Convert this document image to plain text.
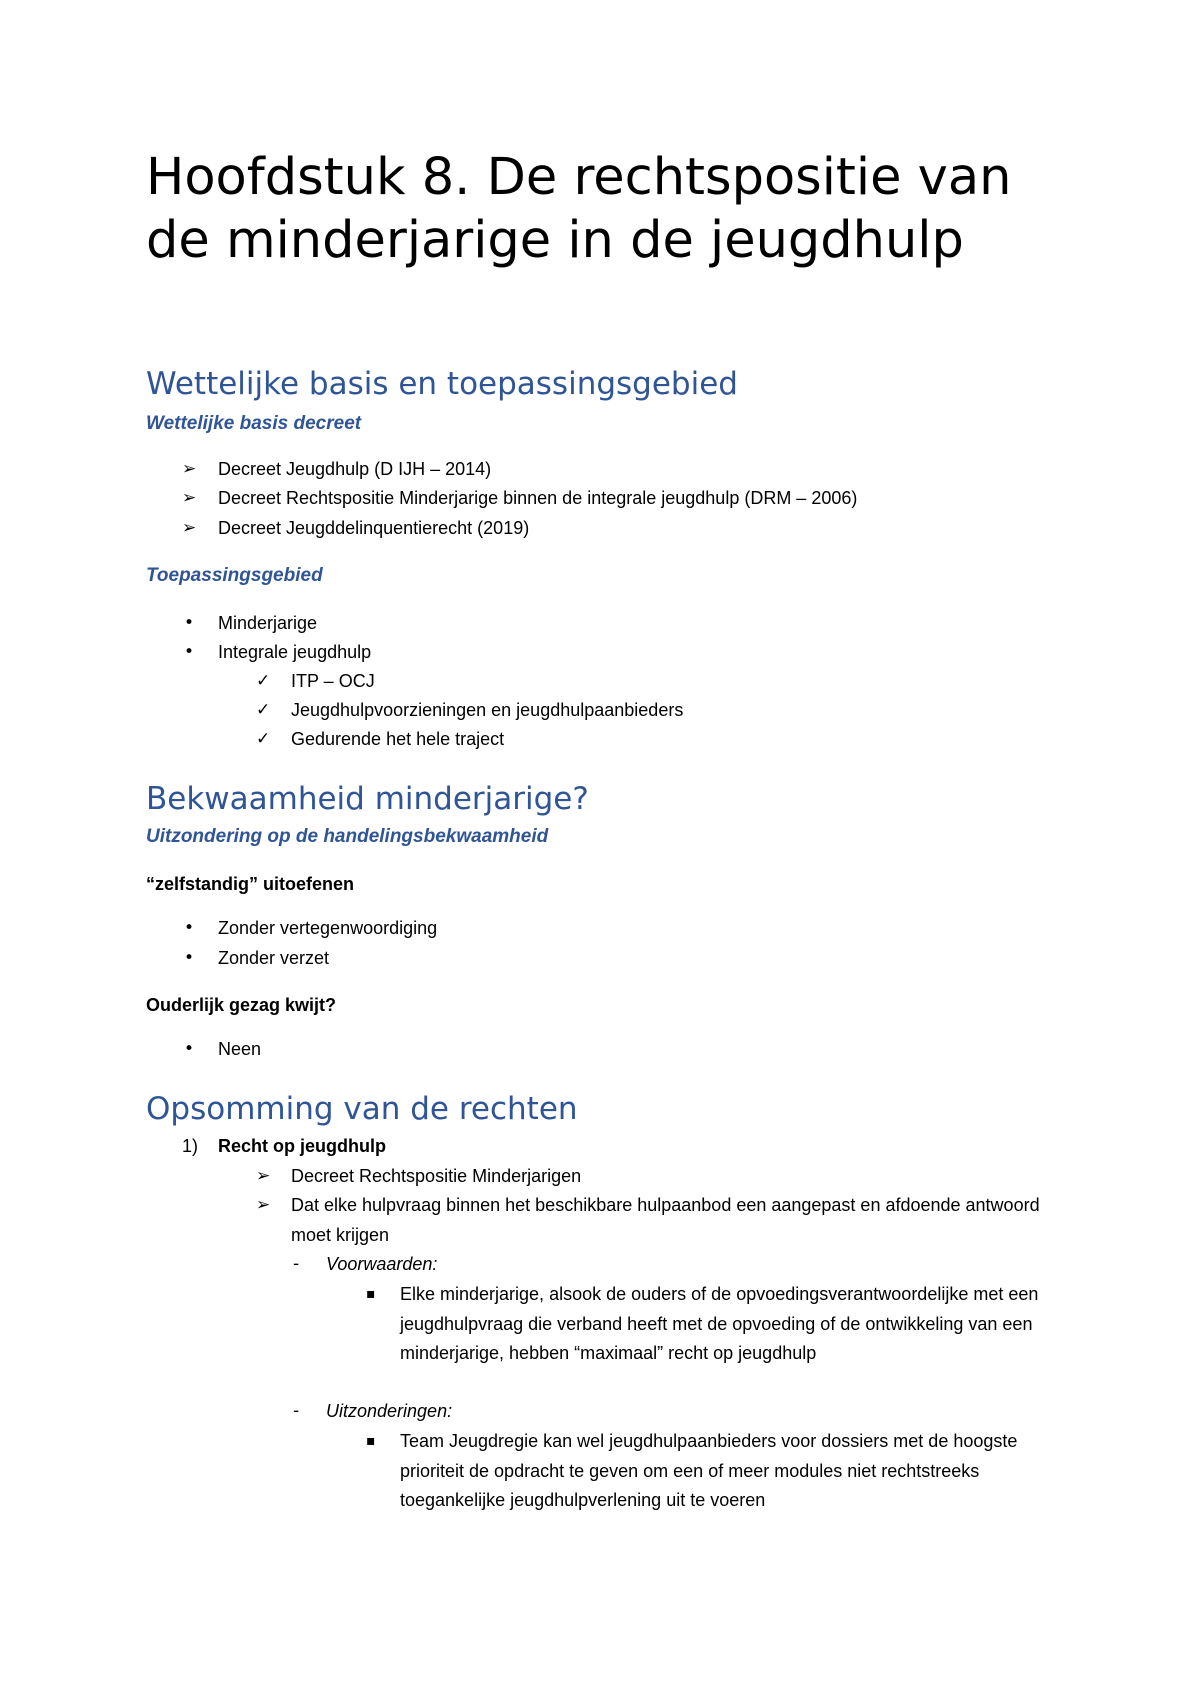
Hoofdstuk 8. De rechtspositie van de minderjarige in de jeugdhulp
Wettelijke basis en toepassingsgebied
Wettelijke basis decreet
➢ Decreet Jeugdhulp (D IJH – 2014)
➢ Decreet Rechtspositie Minderjarige binnen de integrale jeugdhulp (DRM – 2006)
➢ Decreet Jeugddelinquentierecht (2019)
Toepassingsgebied
• Minderjarige
• Integrale jeugdhulp
✓ ITP – OCJ
✓ Jeugdhulpvoorzieningen en jeugdhulpaanbieders
✓ Gedurende het hele traject
Bekwaamheid minderjarige?
Uitzondering op de handelingsbekwaamheid
“zelfstandig” uitoefenen
• Zonder vertegenwoordiging
• Zonder verzet
Ouderlijk gezag kwijt?
• Neen
Opsomming van de rechten
1) Recht op jeugdhulp
➢ Decreet Rechtspositie Minderjarigen
➢ Dat elke hulpvraag binnen het beschikbare hulpaanbod een aangepast en afdoende antwoord moet krijgen
- Voorwaarden:
▪ Elke minderjarige, alsook de ouders of de opvoedingsverantwoordelijke met een jeugdhulpvraag die verband heeft met de opvoeding of de ontwikkeling van een minderjarige, hebben “maximaal” recht op jeugdhulp
- Uitzonderingen:
▪ Team Jeugdregie kan wel jeugdhulpaanbieders voor dossiers met de hoogste prioriteit de opdracht te geven om een of meer modules niet rechtstreeks toegankelijke jeugdhulpverlening uit te voeren
